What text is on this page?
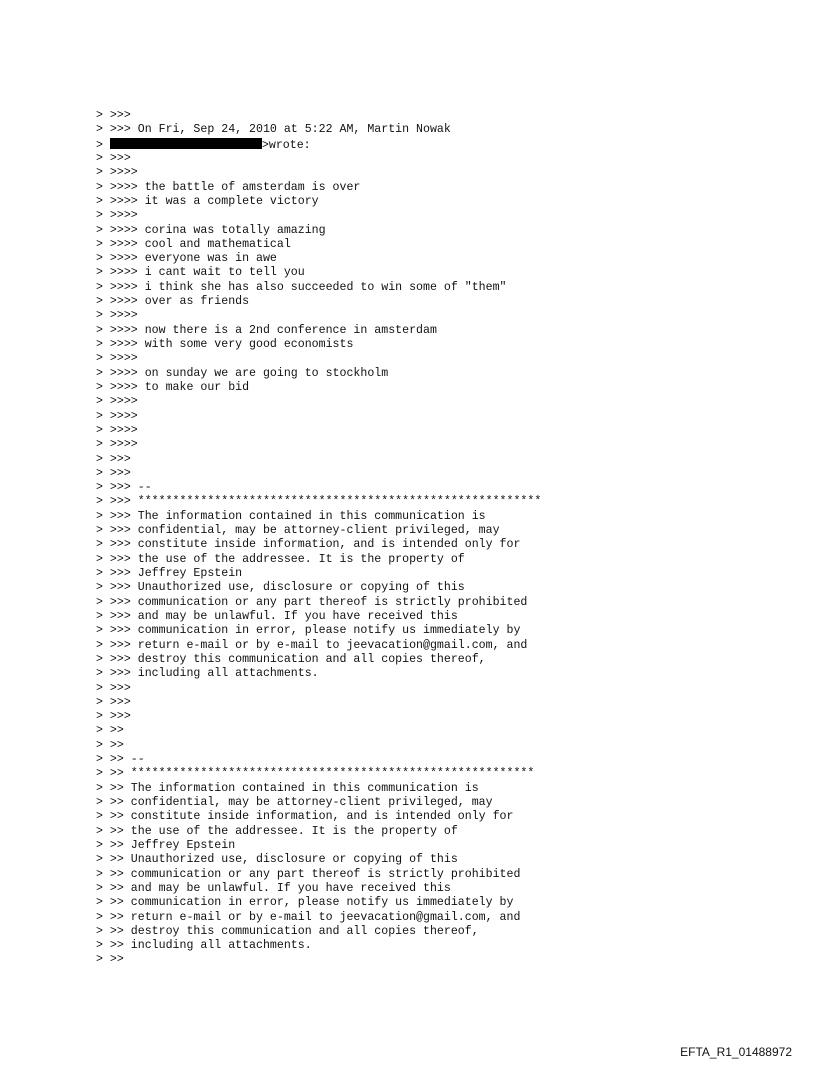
> >>>
> >>> On Fri, Sep 24, 2010 at 5:22 AM, Martin Nowak
>	>wrote:
> >>>
> >>>>
> >>>> the battle of amsterdam is over
> >>>> it was a complete victory
> >>>>
> >>>> corina was totally amazing
> >>>> cool and mathematical
> >>>> everyone was in awe
> >>>> i cant wait to tell you
> >>>> i think she has also succeeded to win some of "them"
> >>>> over as friends
> >>>>
> >>>> now there is a 2nd conference in amsterdam
> >>>> with some very good economists
> >>>>
> >>>> on sunday we are going to stockholm
> >>>> to make our bid
> >>>>
> >>>>
> >>>>
> >>>>
> >>>
> >>>
> >>> --
> >>> **********************************************************
> >>> The information contained in this communication is
> >>> confidential, may be attorney-client privileged, may
> >>> constitute inside information, and is intended only for
> >>> the use of the addressee. It is the property of
> >>> Jeffrey Epstein
> >>> Unauthorized use, disclosure or copying of this
> >>> communication or any part thereof is strictly prohibited
> >>> and may be unlawful. If you have received this
> >>> communication in error, please notify us immediately by
> >>> return e-mail or by e-mail to jeevacation@gmail.com, and
> >>> destroy this communication and all copies thereof,
> >>> including all attachments.
> >>>
> >>>
> >>>
> >>
> >>
> >> --
> >> **********************************************************
> >> The information contained in this communication is
> >> confidential, may be attorney-client privileged, may
> >> constitute inside information, and is intended only for
> >> the use of the addressee. It is the property of
> >> Jeffrey Epstein
> >> Unauthorized use, disclosure or copying of this
> >> communication or any part thereof is strictly prohibited
> >> and may be unlawful. If you have received this
> >> communication in error, please notify us immediately by
> >> return e-mail or by e-mail to jeevacation@gmail.com, and
> >> destroy this communication and all copies thereof,
> >> including all attachments.
> >>
EFTA_R1_01488972
